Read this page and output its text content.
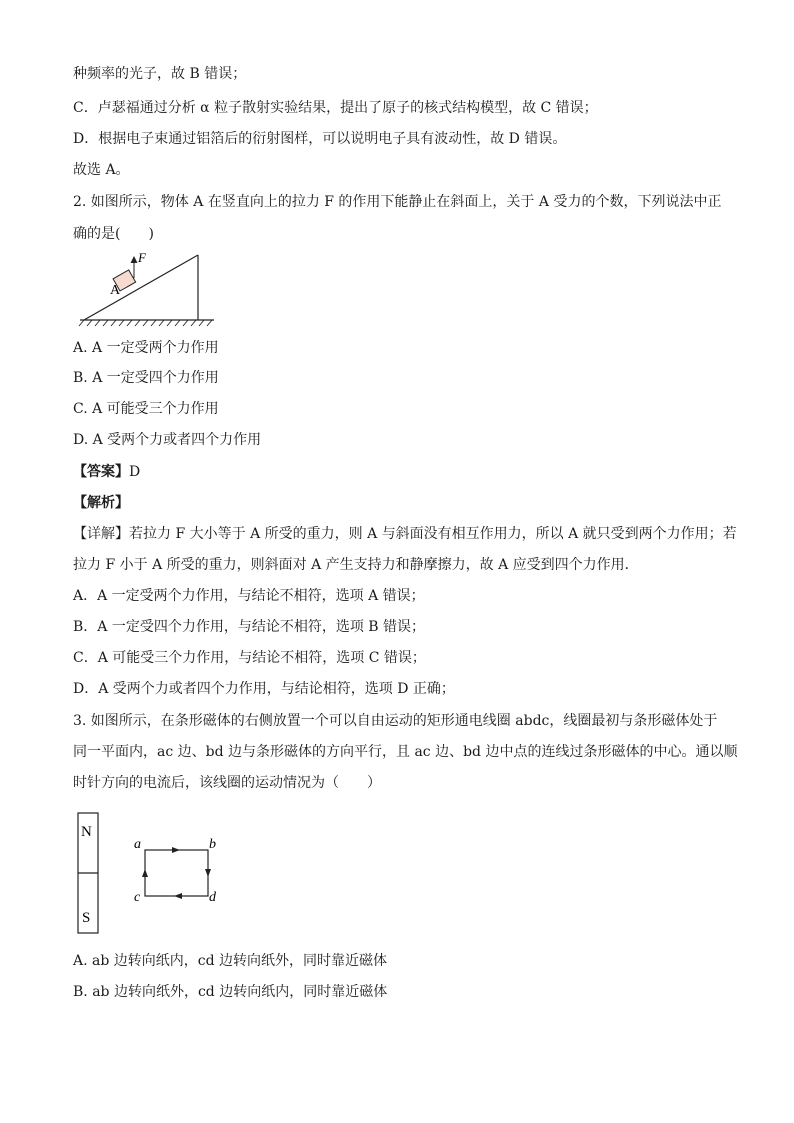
种频率的光子，故 B 错误；
C．卢瑟福通过分析 α 粒子散射实验结果，提出了原子的核式结构模型，故 C 错误；
D．根据电子束通过铝箔后的衍射图样，可以说明电子具有波动性，故 D 错误。
故选 A。
2. 如图所示，物体 A 在竖直向上的拉力 F 的作用下能静止在斜面上，关于 A 受力的个数，下列说法中正
确的是(　　)
F
A
A. A 一定受两个力作用
B. A 一定受四个力作用
C. A 可能受三个力作用
D. A 受两个力或者四个力作用
【答案】D
【解析】
【详解】若拉力 F 大小等于 A 所受的重力，则 A 与斜面没有相互作用力，所以 A 就只受到两个力作用；若
拉力 F 小于 A 所受的重力，则斜面对 A 产生支持力和静摩擦力，故 A 应受到四个力作用．
A．A 一定受两个力作用，与结论不相符，选项 A 错误；
B．A 一定受四个力作用，与结论不相符，选项 B 错误；
C．A 可能受三个力作用，与结论不相符，选项 C 错误；
D．A 受两个力或者四个力作用，与结论相符，选项 D 正确；
3. 如图所示，在条形磁体的右侧放置一个可以自由运动的矩形通电线圈 abdc，线圈最初与条形磁体处于
同一平面内，ac 边、bd 边与条形磁体的方向平行，且 ac 边、bd 边中点的连线过条形磁体的中心。通以顺
时针方向的电流后，该线圈的运动情况为（　　）
N
S
a	b
c	d
A. ab 边转向纸内，cd 边转向纸外，同时靠近磁体
B. ab 边转向纸外，cd 边转向纸内，同时靠近磁体
